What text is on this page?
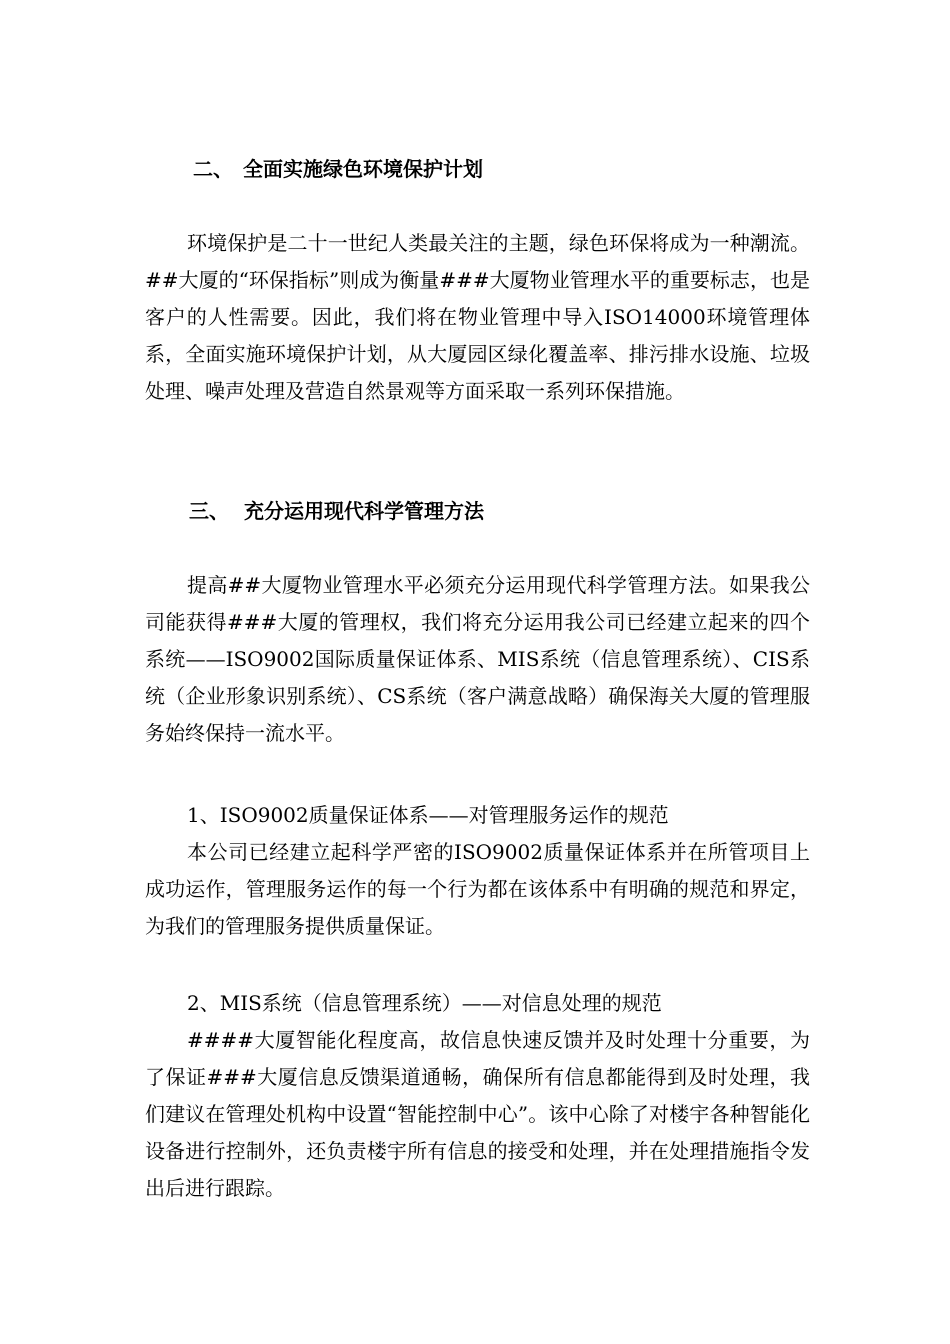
二、 全面实施绿色环境保护计划

环境保护是二十一世纪人类最关注的主题，绿色环保将成为一种潮流。##大厦的“环保指标”则成为衡量###大厦物业管理水平的重要标志，也是客户的人性需要。因此，我们将在物业管理中导入ISO14000环境管理体系，全面实施环境保护计划，从大厦园区绿化覆盖率、排污排水设施、垃圾处理、噪声处理及营造自然景观等方面采取一系列环保措施。

三、 充分运用现代科学管理方法

提高##大厦物业管理水平必须充分运用现代科学管理方法。如果我公司能获得###大厦的管理权，我们将充分运用我公司已经建立起来的四个系统——ISO9002国际质量保证体系、MIS系统（信息管理系统）、CIS系统（企业形象识别系统）、CS系统（客户满意战略）确保海关大厦的管理服务始终保持一流水平。

1、ISO9002质量保证体系——对管理服务运作的规范

本公司已经建立起科学严密的ISO9002质量保证体系并在所管项目上成功运作，管理服务运作的每一个行为都在该体系中有明确的规范和界定，为我们的管理服务提供质量保证。

2、MIS系统（信息管理系统）——对信息处理的规范

####大厦智能化程度高，故信息快速反馈并及时处理十分重要，为了保证###大厦信息反馈渠道通畅，确保所有信息都能得到及时处理，我们建议在管理处机构中设置“智能控制中心”。该中心除了对楼宇各种智能化设备进行控制外，还负责楼宇所有信息的接受和处理，并在处理措施指令发出后进行跟踪。
